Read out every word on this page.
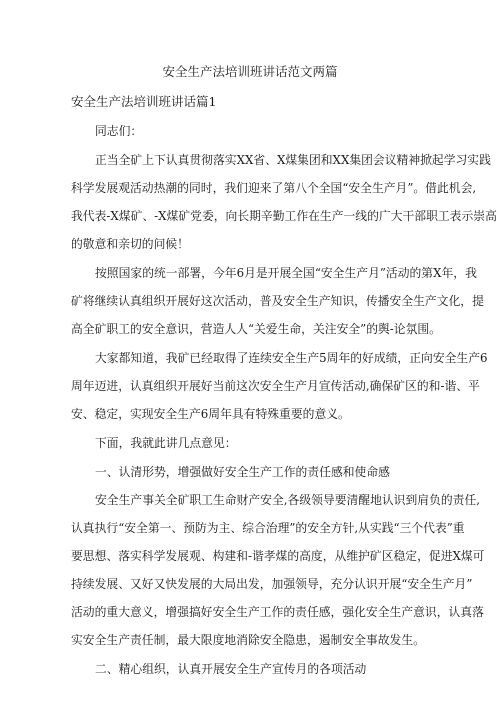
安全生产法培训班讲话范文两篇
安全生产法培训班讲话篇1
同志们：
正当全矿上下认真贯彻落实XX省、X煤集团和XX集团会议精神掀起学习实践
科学发展观活动热潮的同时，我们迎来了第八个全国“安全生产月”。借此机会,
我代表-X煤矿、-X煤矿党委，向长期辛勤工作在生产一线的广大干部职工表示崇高
的敬意和亲切的问候！
按照国家的统一部署，今年6月是开展全国“安全生产月”活动的第X年，我
矿将继续认真组织开展好这次活动，普及安全生产知识，传播安全生产文化，提
高全矿职工的安全意识，营造人人“关爱生命，关注安全”的舆-论氛围。
大家都知道，我矿已经取得了连续安全生产5周年的好成绩，正向安全生产6
周年迈进，认真组织开展好当前这次安全生产月宣传活动,确保矿区的和-谐、平
安、稳定，实现安全生产6周年具有特殊重要的意义。
下面，我就此讲几点意见：
一、认清形势，增强做好安全生产工作的责任感和使命感
安全生产事关全矿职工生命财产安全,各级领导要清醒地认识到肩负的责任,
认真执行“安全第一、预防为主、综合治理”的安全方针,从实践“三个代表”重
要思想、落实科学发展观、构建和-谐孝煤的高度，从维护矿区稳定，促进X煤可
持续发展、又好又快发展的大局出发，加强领导，充分认识开展“安全生产月”
活动的重大意义，增强搞好安全生产工作的责任感，强化安全生产意识，认真落
实安全生产责任制，最大限度地消除安全隐患，遏制安全事故发生。
二、精心组织，认真开展安全生产宣传月的各项活动
